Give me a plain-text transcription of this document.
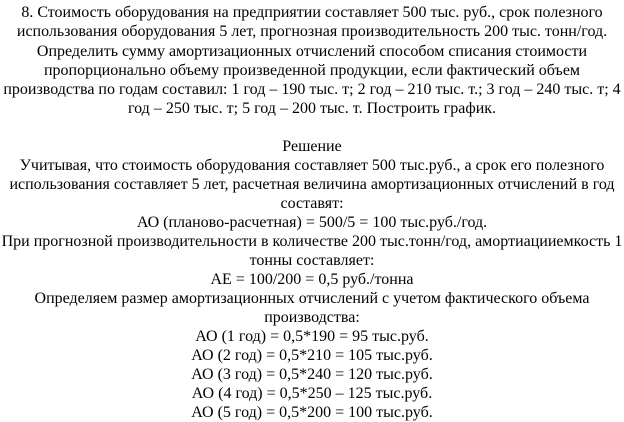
8. Стоимость оборудования на предприятии составляет 500 тыс. руб., срок полезного
использования оборудования 5 лет, прогнозная производительность 200 тыс. тонн/год.
Определить сумму амортизационных отчислений способом списания стоимости
пропорционально объему произведенной продукции, если фактический объем
производства по годам составил: 1 год – 190 тыс. т; 2 год – 210 тыс. т.; 3 год – 240 тыс. т; 4
год – 250 тыс. т; 5 год – 200 тыс. т. Построить график.
Решение
Учитывая, что стоимость оборудования составляет 500 тыс.руб., а срок его полезного
использования составляет 5 лет, расчетная величина амортизационных отчислений в год
составят:
АО (планово-расчетная) = 500/5 = 100 тыс.руб./год.
При прогнозной производительности в количестве 200 тыс.тонн/год, амортиацииемкость 1
тонны составляет:
АЕ = 100/200 = 0,5 руб./тонна
Определяем размер амортизационных отчислений с учетом фактического объема
производства:
АО (1 год) = 0,5*190 = 95 тыс.руб.
АО (2 год) = 0,5*210 = 105 тыс.руб.
АО (3 год) = 0,5*240 = 120 тыс.руб.
АО (4 год) = 0,5*250 – 125 тыс.руб.
АО (5 год) = 0,5*200 = 100 тыс.руб.
